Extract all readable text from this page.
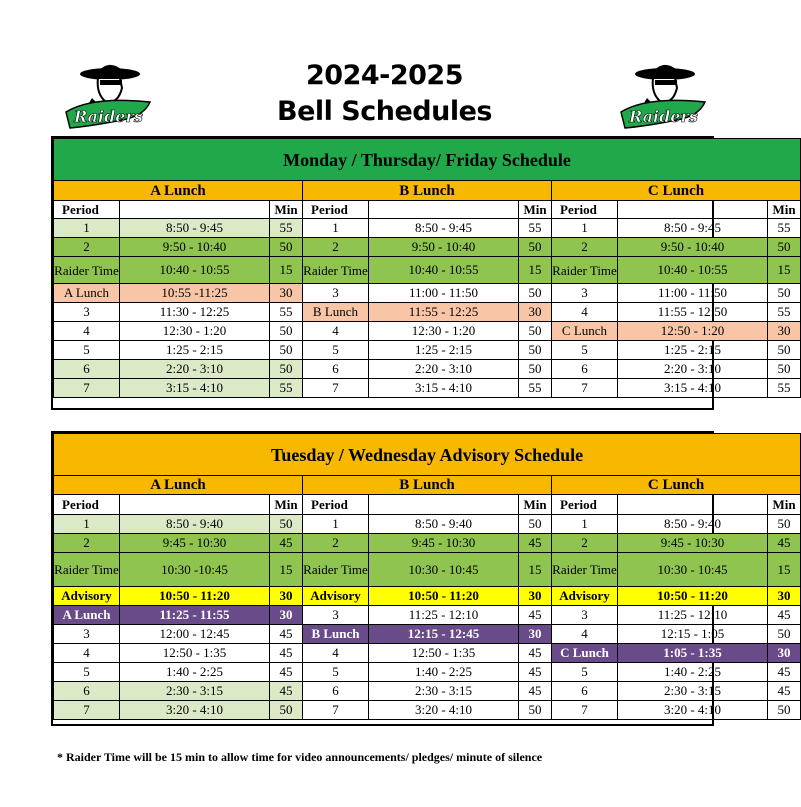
Raiders	Raiders
2024-2025
Bell Schedules
Monday / Thursday/ Friday Schedule								
A Lunch			B Lunch			C Lunch		
Period		Min	Period		Min	Period		Min
1	8:50 - 9:45	55	1	8:50 - 9:45	55	1	8:50 - 9:45	55
2	9:50 - 10:40	50	2	9:50 - 10:40	50	2	9:50 - 10:40	50
Raider Time	10:40 - 10:55	15	Raider Time	10:40 - 10:55	15	Raider Time	10:40 - 10:55	15
A Lunch	10:55 -11:25	30	3	11:00 - 11:50	50	3	11:00 - 11:50	50
3	11:30 - 12:25	55	B Lunch	11:55 - 12:25	30	4	11:55 - 12:50	55
4	12:30 - 1:20	50	4	12:30 - 1:20	50	C Lunch	12:50 - 1:20	30
5	1:25 - 2:15	50	5	1:25 - 2:15	50	5	1:25 - 2:15	50
6	2:20 - 3:10	50	6	2:20 - 3:10	50	6	2:20 - 3:10	50
7	3:15 - 4:10	55	7	3:15 - 4:10	55	7	3:15 - 4:10	55
Tuesday / Wednesday Advisory Schedule								
A Lunch			B Lunch			C Lunch		
Period		Min	Period		Min	Period		Min
1	8:50 - 9:40	50	1	8:50 - 9:40	50	1	8:50 - 9:40	50
2	9:45 - 10:30	45	2	9:45 - 10:30	45	2	9:45 - 10:30	45
Raider Time	10:30 -10:45	15	Raider Time	10:30 - 10:45	15	Raider Time	10:30 - 10:45	15
Advisory	10:50 - 11:20	30	Advisory	10:50 - 11:20	30	Advisory	10:50 - 11:20	30
A Lunch	11:25 - 11:55	30	3	11:25 - 12:10	45	3	11:25 - 12:10	45
3	12:00 - 12:45	45	B Lunch	12:15 - 12:45	30	4	12:15 - 1:05	50
4	12:50 - 1:35	45	4	12:50 - 1:35	45	C Lunch	1:05 - 1:35	30
5	1:40 - 2:25	45	5	1:40 - 2:25	45	5	1:40 - 2:25	45
6	2:30 - 3:15	45	6	2:30 - 3:15	45	6	2:30 - 3:15	45
7	3:20 - 4:10	50	7	3:20 - 4:10	50	7	3:20 - 4:10	50
* Raider Time will be 15 min to allow time for video announcements/ pledges/ minute of silence
